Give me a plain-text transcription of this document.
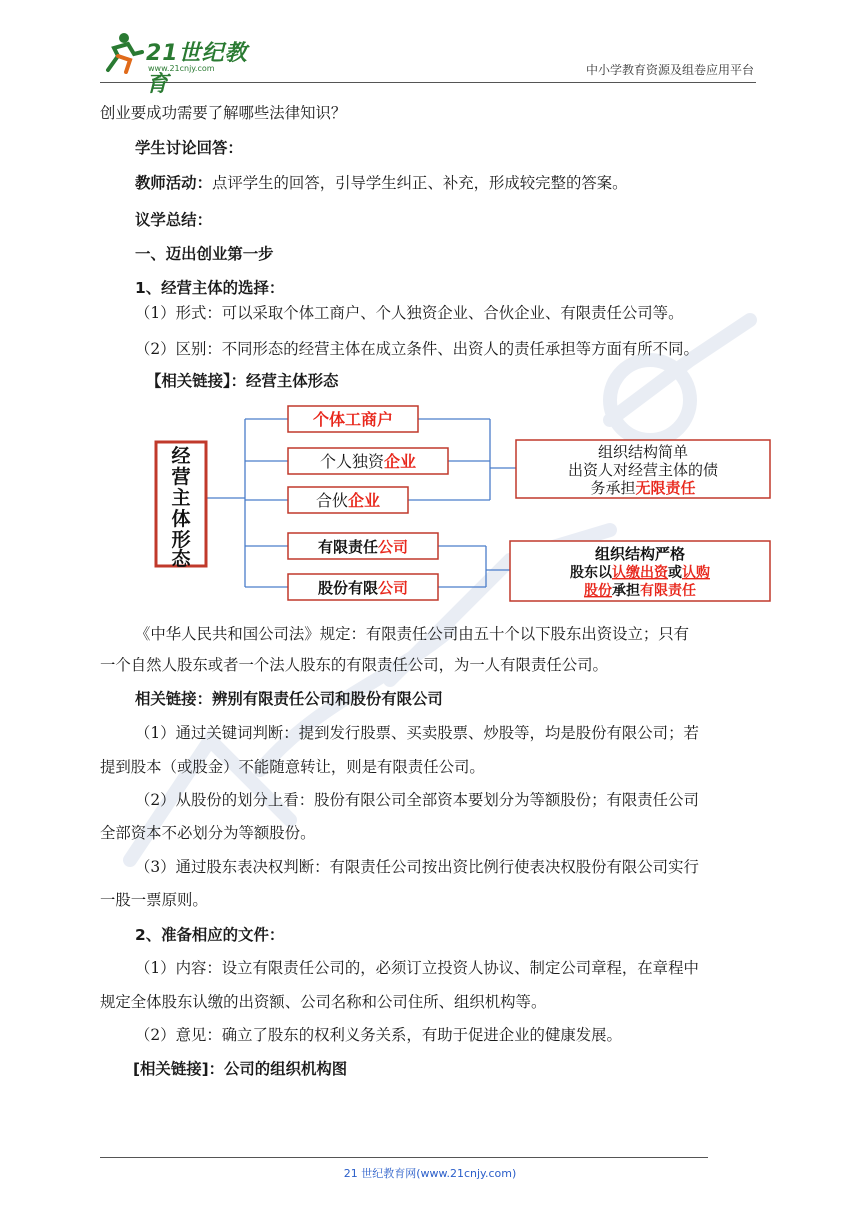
21世纪教育
www.21cnjy.com	中小学教育资源及组卷应用平台
创业要成功需要了解哪些法律知识？
学生讨论回答：
教师活动：点评学生的回答，引导学生纠正、补充，形成较完整的答案。
议学总结：
一、迈出创业第一步
1、经营主体的选择：
（1）形式：可以采取个体工商户、个人独资企业、合伙企业、有限责任公司等。
（2）区别：不同形态的经营主体在成立条件、出资人的责任承担等方面有所不同。
【相关链接】：经营主体形态
经
营
主
体
形
态
个体工商户
个人独资企业
合伙企业
有限责任公司
股份有限公司
组织结构简单
出资人对经营主体的债
务承担无限责任
组织结构严格
股东以认缴出资或认购
股份承担有限责任
《中华人民共和国公司法》规定：有限责任公司由五十个以下股东出资设立；只有
一个自然人股东或者一个法人股东的有限责任公司，为一人有限责任公司。
相关链接：辨别有限责任公司和股份有限公司
（1）通过关键词判断：提到发行股票、买卖股票、炒股等，均是股份有限公司；若
提到股本（或股金）不能随意转让，则是有限责任公司。
（2）从股份的划分上看：股份有限公司全部资本要划分为等额股份；有限责任公司
全部资本不必划分为等额股份。
（3）通过股东表决权判断：有限责任公司按出资比例行使表决权股份有限公司实行
一股一票原则。
2、准备相应的文件：
（1）内容：设立有限责任公司的，必须订立投资人协议、制定公司章程，在章程中
规定全体股东认缴的出资额、公司名称和公司住所、组织机构等。
（2）意见：确立了股东的权利义务关系，有助于促进企业的健康发展。
[相关链接]：公司的组织机构图
21 世纪教育网(www.21cnjy.com)
